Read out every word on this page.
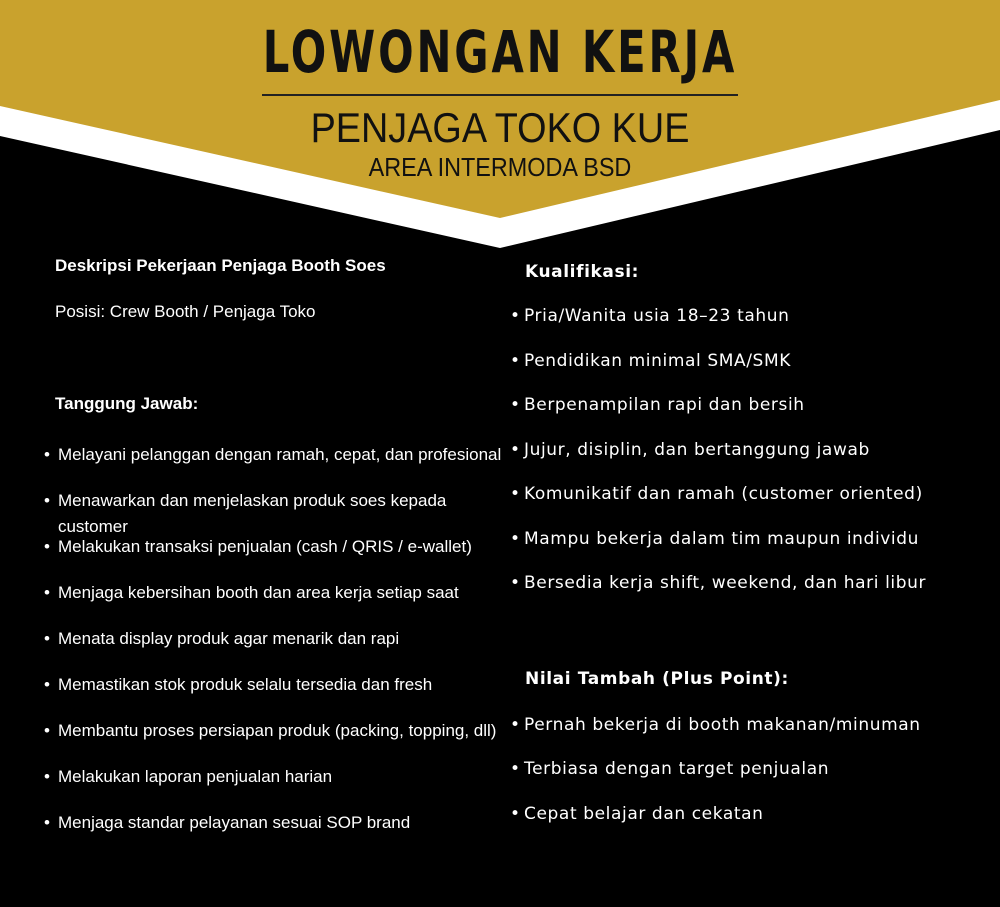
LOWONGAN KERJA
PENJAGA TOKO KUE
AREA INTERMODA BSD
Deskripsi Pekerjaan Penjaga Booth Soes
Posisi: Crew Booth / Penjaga Toko
Tanggung Jawab:
• Melayani pelanggan dengan ramah, cepat, dan profesional
• Menawarkan dan menjelaskan produk soes kepada customer
• Melakukan transaksi penjualan (cash / QRIS / e-wallet)
• Menjaga kebersihan booth dan area kerja setiap saat
• Menata display produk agar menarik dan rapi
• Memastikan stok produk selalu tersedia dan fresh
• Membantu proses persiapan produk (packing, topping, dll)
• Melakukan laporan penjualan harian
• Menjaga standar pelayanan sesuai SOP brand
Kualifikasi:
• Pria/Wanita usia 18–23 tahun
• Pendidikan minimal SMA/SMK
• Berpenampilan rapi dan bersih
• Jujur, disiplin, dan bertanggung jawab
• Komunikatif dan ramah (customer oriented)
• Mampu bekerja dalam tim maupun individu
• Bersedia kerja shift, weekend, dan hari libur
Nilai Tambah (Plus Point):
• Pernah bekerja di booth makanan/minuman
• Terbiasa dengan target penjualan
• Cepat belajar dan cekatan
